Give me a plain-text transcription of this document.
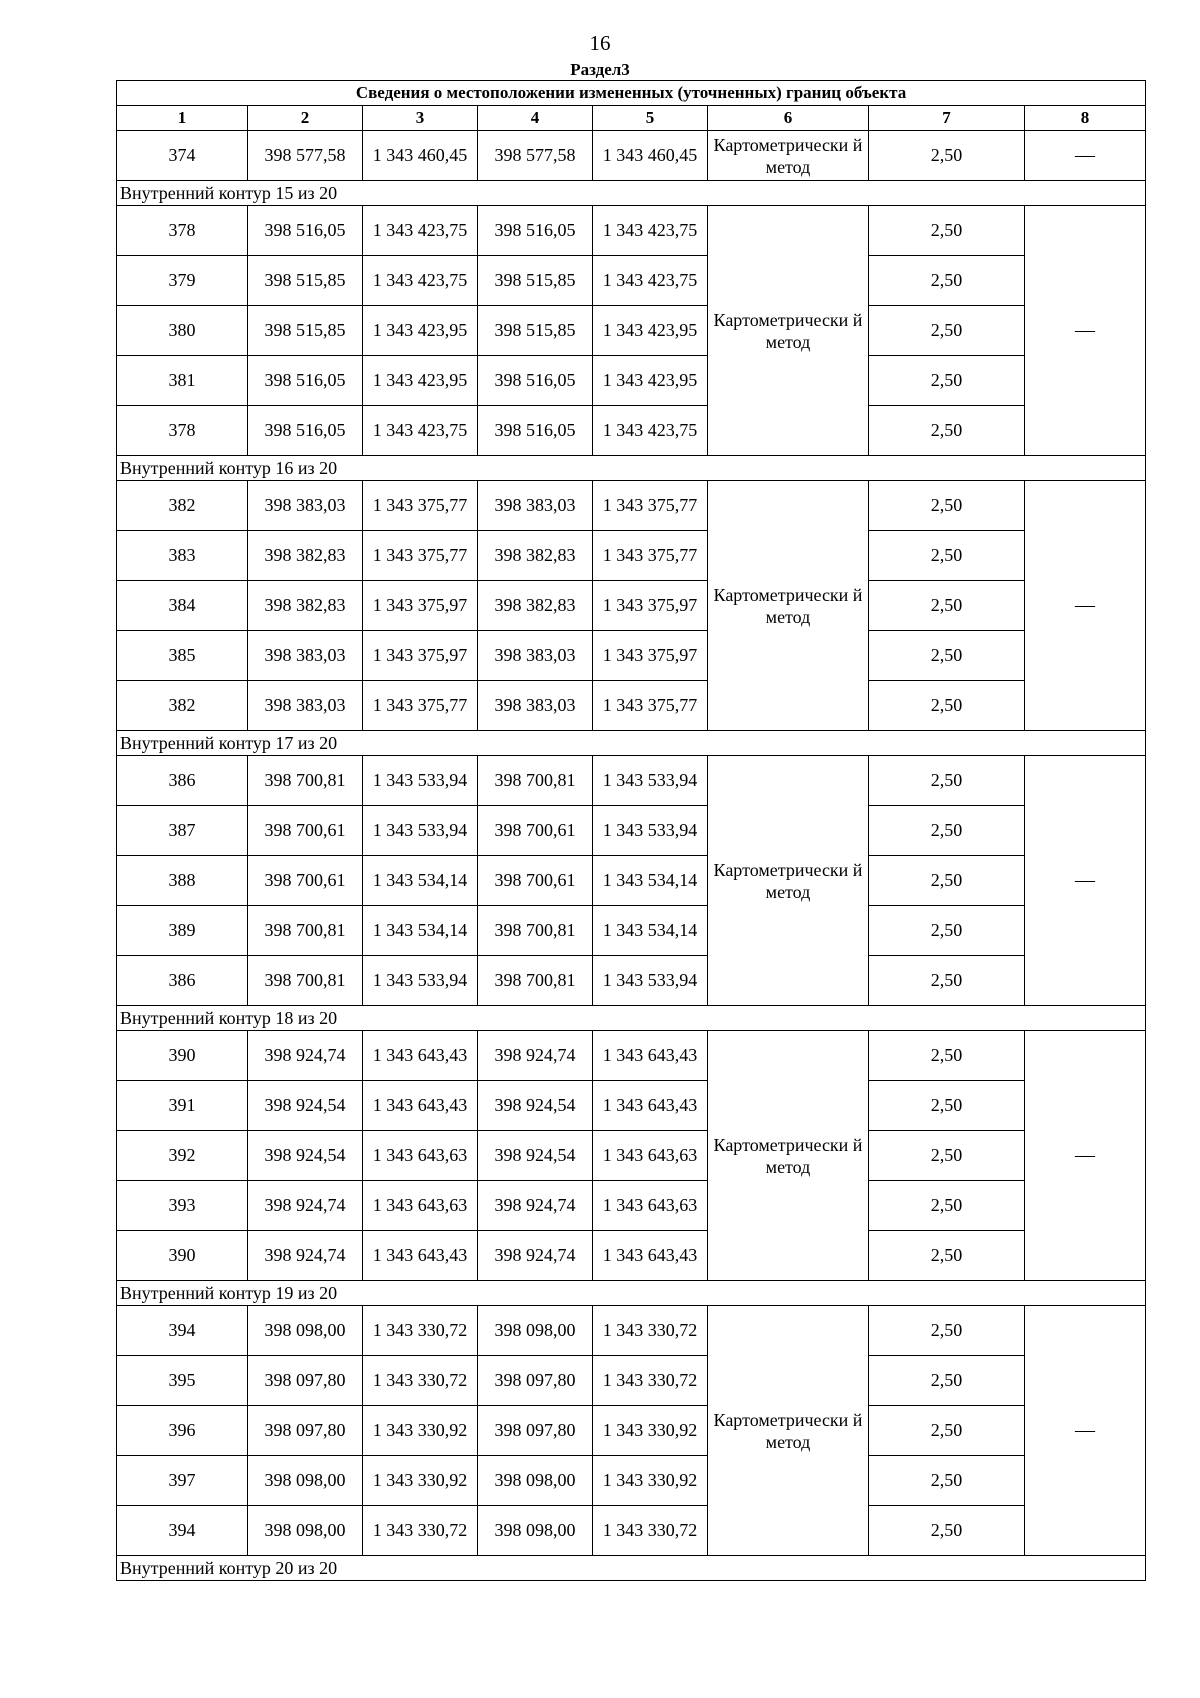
16
Раздел3
Сведения о местоположении измененных (уточненных) границ объекта							
1	2	3	4	5	6	7	8
374	398 577,58	1 343 460,45	398 577,58	1 343 460,45	Картометрически й метод	2,50	—
Внутренний контур 15 из 20							
378	398 516,05	1 343 423,75	398 516,05	1 343 423,75	Картометрически й метод	2,50	—
379	398 515,85	1 343 423,75	398 515,85	1 343 423,75		2,50	
380	398 515,85	1 343 423,95	398 515,85	1 343 423,95		2,50	
381	398 516,05	1 343 423,95	398 516,05	1 343 423,95		2,50	
378	398 516,05	1 343 423,75	398 516,05	1 343 423,75		2,50	
Внутренний контур 16 из 20							
382	398 383,03	1 343 375,77	398 383,03	1 343 375,77	Картометрически й метод	2,50	—
383	398 382,83	1 343 375,77	398 382,83	1 343 375,77		2,50	
384	398 382,83	1 343 375,97	398 382,83	1 343 375,97		2,50	
385	398 383,03	1 343 375,97	398 383,03	1 343 375,97		2,50	
382	398 383,03	1 343 375,77	398 383,03	1 343 375,77		2,50	
Внутренний контур 17 из 20							
386	398 700,81	1 343 533,94	398 700,81	1 343 533,94	Картометрически й метод	2,50	—
387	398 700,61	1 343 533,94	398 700,61	1 343 533,94		2,50	
388	398 700,61	1 343 534,14	398 700,61	1 343 534,14		2,50	
389	398 700,81	1 343 534,14	398 700,81	1 343 534,14		2,50	
386	398 700,81	1 343 533,94	398 700,81	1 343 533,94		2,50	
Внутренний контур 18 из 20							
390	398 924,74	1 343 643,43	398 924,74	1 343 643,43	Картометрически й метод	2,50	—
391	398 924,54	1 343 643,43	398 924,54	1 343 643,43		2,50	
392	398 924,54	1 343 643,63	398 924,54	1 343 643,63		2,50	
393	398 924,74	1 343 643,63	398 924,74	1 343 643,63		2,50	
390	398 924,74	1 343 643,43	398 924,74	1 343 643,43		2,50	
Внутренний контур 19 из 20							
394	398 098,00	1 343 330,72	398 098,00	1 343 330,72	Картометрически й метод	2,50	—
395	398 097,80	1 343 330,72	398 097,80	1 343 330,72		2,50	
396	398 097,80	1 343 330,92	398 097,80	1 343 330,92		2,50	
397	398 098,00	1 343 330,92	398 098,00	1 343 330,92		2,50	
394	398 098,00	1 343 330,72	398 098,00	1 343 330,72		2,50	
Внутренний контур 20 из 20							
